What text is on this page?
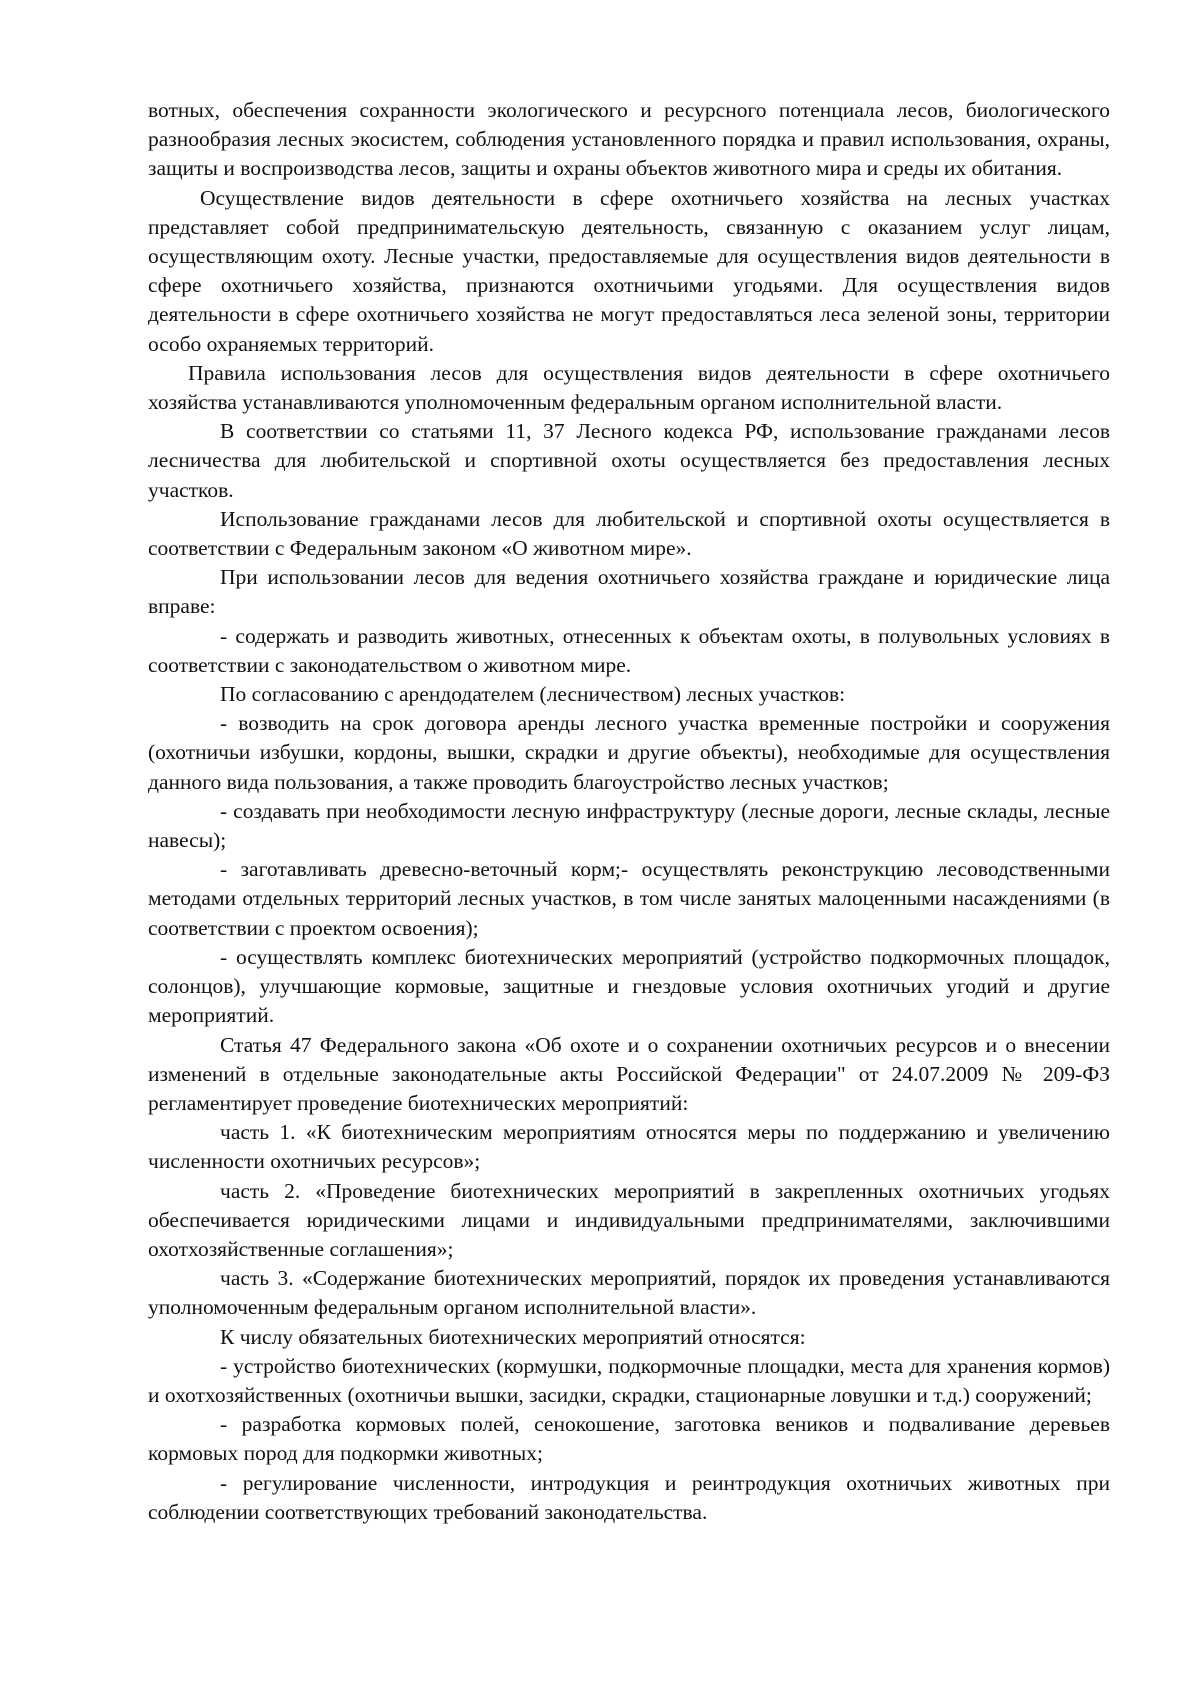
вотных, обеспечения сохранности экологического и ресурсного потенциала лесов, биологического разнообразия лесных экосистем, соблюдения установленного порядка и правил использования, охраны, защиты и воспроизводства лесов, защиты и охраны объектов животного мира и среды их обитания.

Осуществление видов деятельности в сфере охотничьего хозяйства на лесных участках представляет собой предпринимательскую деятельность, связанную с оказанием услуг лицам, осуществляющим охоту. Лесные участки, предоставляемые для осуществления видов деятельности в сфере охотничьего хозяйства, признаются охотничьими угодьями. Для осуществления видов деятельности в сфере охотничьего хозяйства не могут предоставляться леса зеленой зоны, территории особо охраняемых территорий.

Правила использования лесов для осуществления видов деятельности в сфере охотничьего хозяйства устанавливаются уполномоченным федеральным органом исполнительной власти.

В соответствии со статьями 11, 37 Лесного кодекса РФ, использование гражданами лесов лесничества для любительской и спортивной охоты осуществляется без предоставления лесных участков.

Использование гражданами лесов для любительской и спортивной охоты осуществляется в соответствии с Федеральным законом «О животном мире».

При использовании лесов для ведения охотничьего хозяйства граждане и юридические лица вправе:

- содержать и разводить животных, отнесенных к объектам охоты, в полувольных условиях в соответствии с законодательством о животном мире.

По согласованию с арендодателем (лесничеством) лесных участков:

- возводить на срок договора аренды лесного участка временные постройки и сооружения (охотничьи избушки, кордоны, вышки, скрадки и другие объекты), необходимые для осуществления данного вида пользования, а также проводить благоустройство лесных участков;

- создавать при необходимости лесную инфраструктуру (лесные дороги, лесные склады, лесные навесы);

- заготавливать древесно-веточный корм;- осуществлять реконструкцию лесоводственными методами отдельных территорий лесных участков, в том числе занятых малоценными насаждениями (в соответствии с проектом освоения);

- осуществлять комплекс биотехнических мероприятий (устройство подкормочных площадок, солонцов), улучшающие кормовые, защитные и гнездовые условия охотничьих угодий и другие мероприятий.

Статья 47 Федерального закона «Об охоте и о сохранении охотничьих ресурсов и о внесении изменений в отдельные законодательные акты Российской Федерации" от 24.07.2009 № 209-ФЗ регламентирует проведение биотехнических мероприятий:

часть 1. «К биотехническим мероприятиям относятся меры по поддержанию и увеличению численности охотничьих ресурсов»;

часть 2. «Проведение биотехнических мероприятий в закрепленных охотничьих угодьях обеспечивается юридическими лицами и индивидуальными предпринимателями, заключившими охотхозяйственные соглашения»;

часть 3. «Содержание биотехнических мероприятий, порядок их проведения устанавливаются уполномоченным федеральным органом исполнительной власти».

К числу обязательных биотехнических мероприятий относятся:

- устройство биотехнических (кормушки, подкормочные площадки, места для хранения кормов) и охотхозяйственных (охотничьи вышки, засидки, скрадки, стационарные ловушки и т.д.) сооружений;

- разработка кормовых полей, сенокошение, заготовка веников и подваливание деревьев кормовых пород для подкормки животных;

- регулирование численности, интродукция и реинтродукция охотничьих животных при соблюдении соответствующих требований законодательства.
